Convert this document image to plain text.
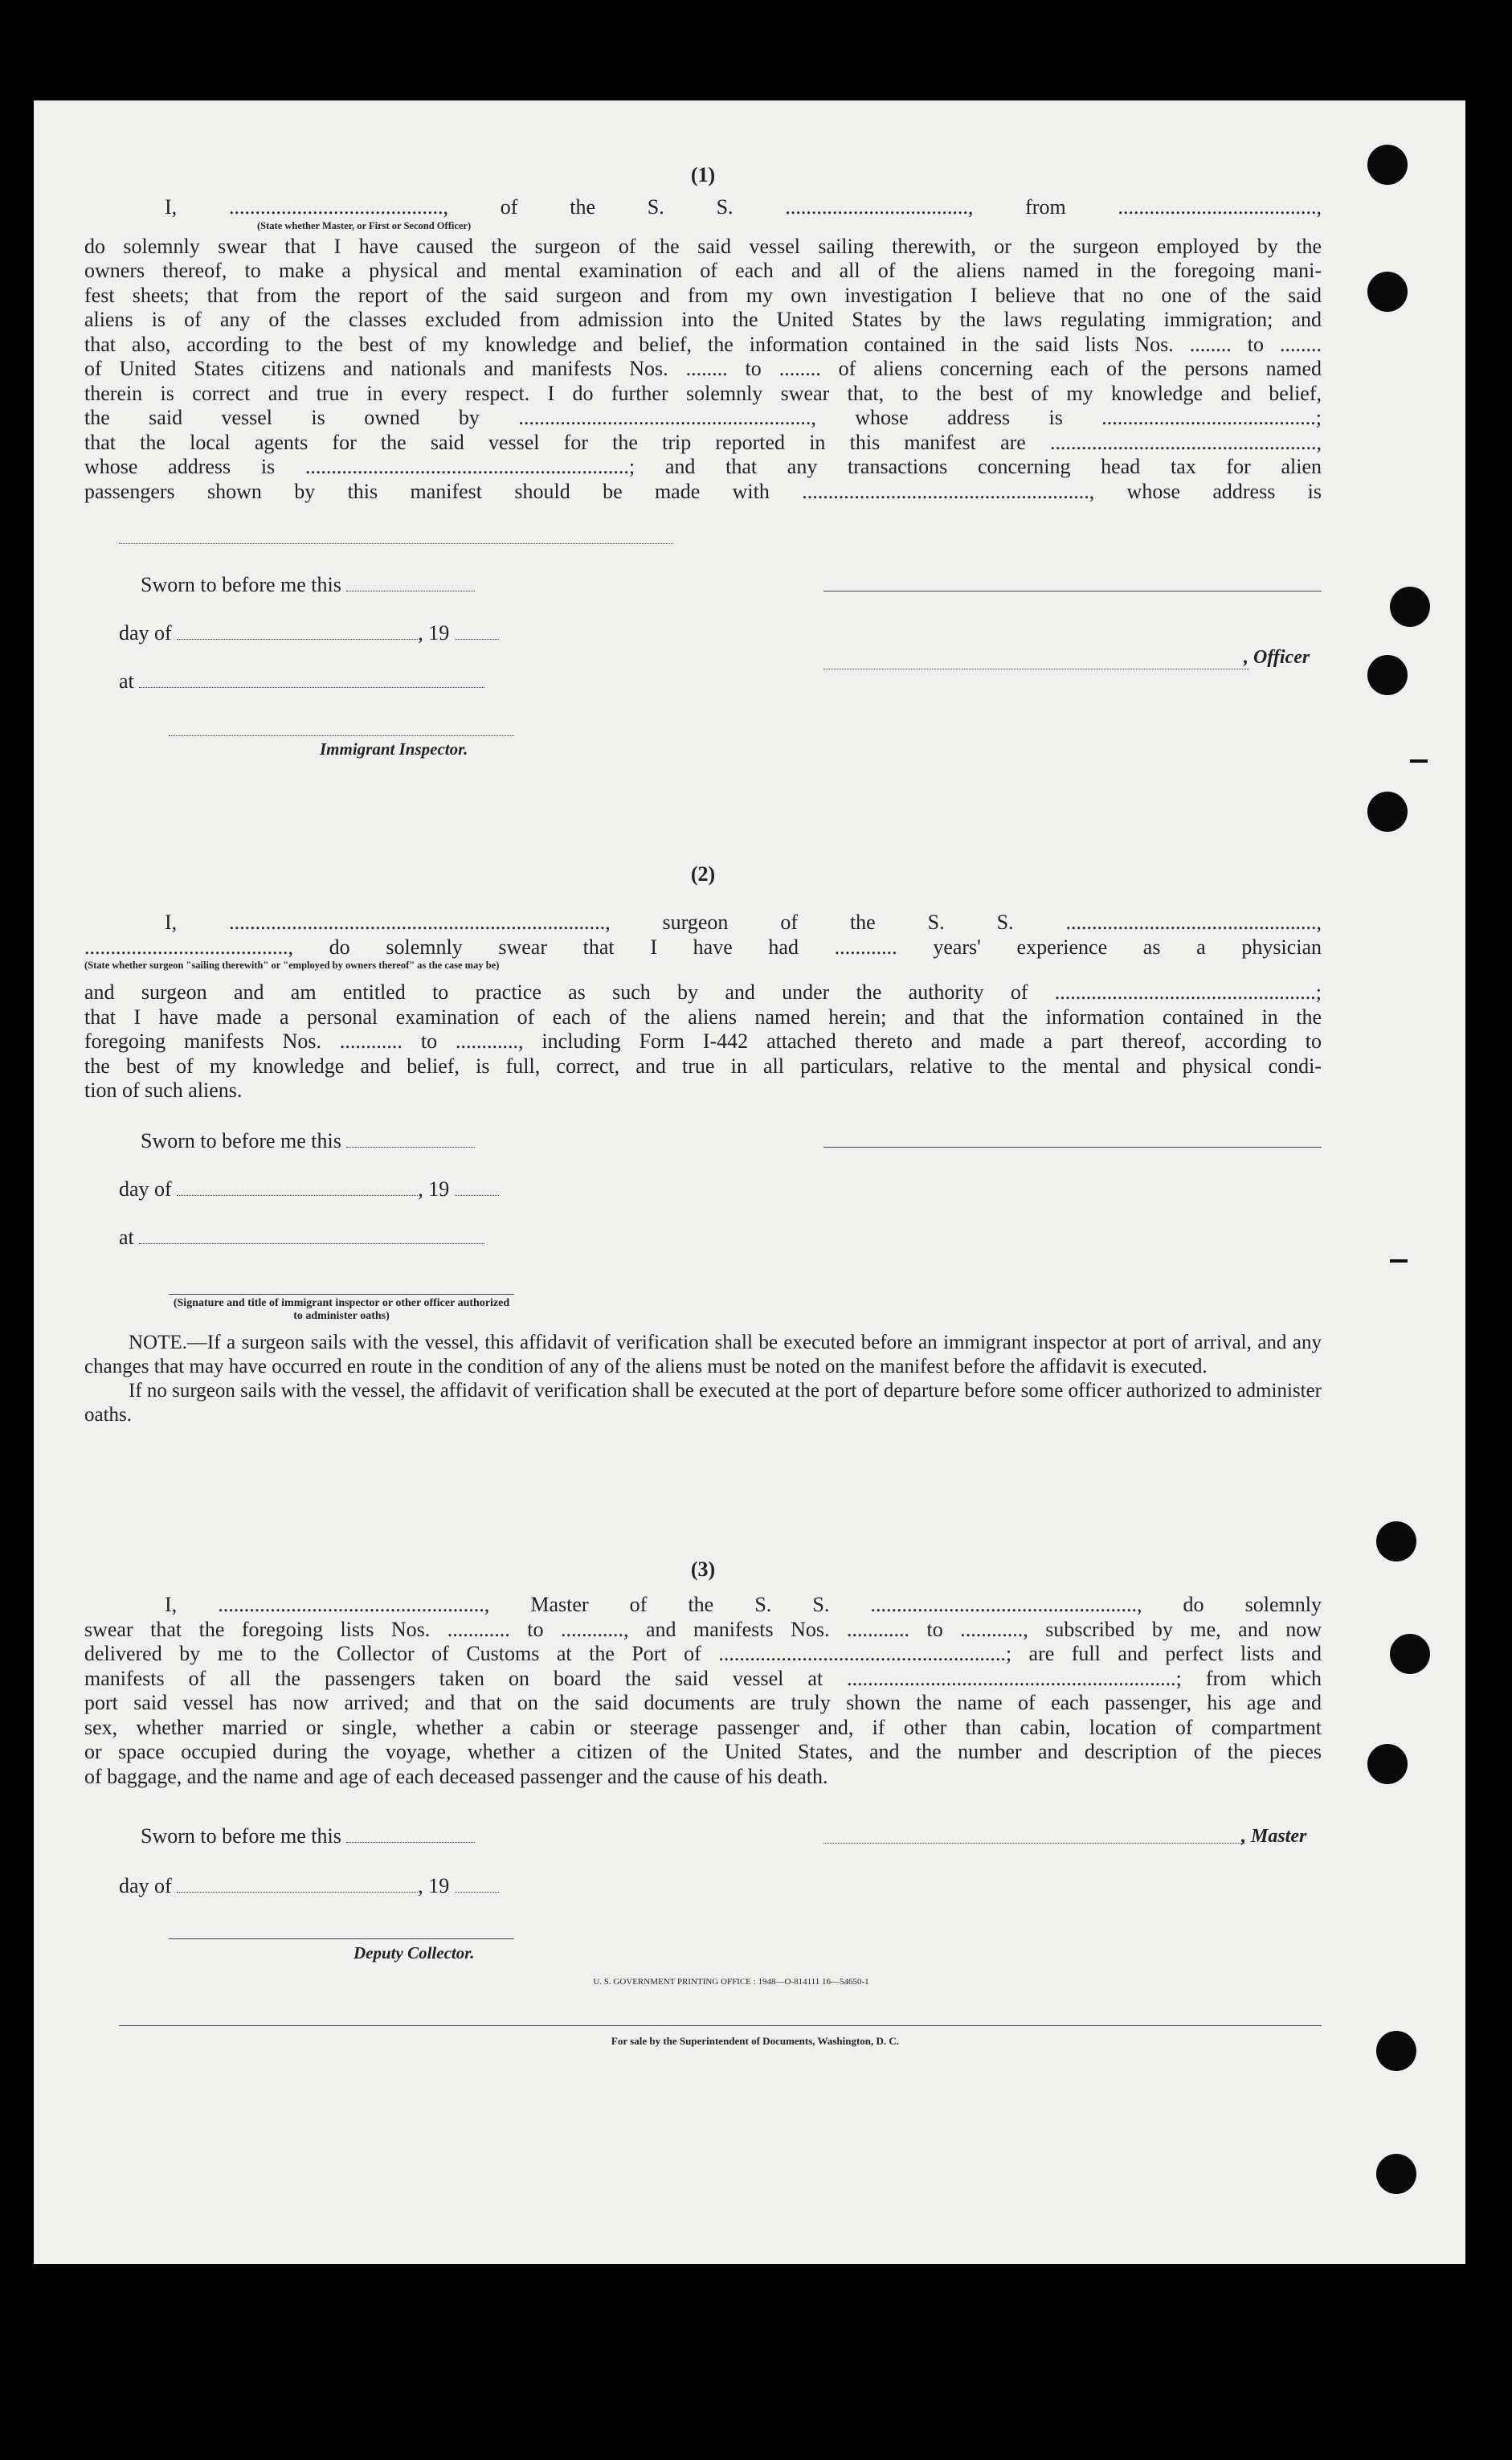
(1)

I, ........................................., of the S. S. ..................................., from ......................................,

(State whether Master, or First or Second Officer)

do solemnly swear that I have caused the surgeon of the said vessel sailing therewith, or the surgeon employed by the

owners thereof, to make a physical and mental examination of each and all of the aliens named in the foregoing mani-

fest sheets; that from the report of the said surgeon and from my own investigation I believe that no one of the said

aliens is of any of the classes excluded from admission into the United States by the laws regulating immigration; and

that also, according to the best of my knowledge and belief, the information contained in the said lists Nos. ........ to ........

of United States citizens and nationals and manifests Nos. ........ to ........ of aliens concerning each of the persons named

therein is correct and true in every respect. I do further solemnly swear that, to the best of my knowledge and belief,

the said vessel is owned by ........................................................, whose address is .........................................;

that the local agents for the said vessel for the trip reported in this manifest are ...................................................,

whose address is ..............................................................; and that any transactions concerning head tax for alien

passengers shown by this manifest should be made with ......................................................., whose address is

Sworn to before me this
day of	, 19
at
Immigrant Inspector.
, Officer
(2)

I, ........................................................................, surgeon of the S. S. ................................................,

......................................., do solemnly swear that I have had ............ years' experience as a physician

(State whether surgeon "sailing therewith" or "employed by owners thereof" as the case may be)

and surgeon and am entitled to practice as such by and under the authority of ..................................................;

that I have made a personal examination of each of the aliens named herein; and that the information contained in the

foregoing manifests Nos. ............ to ............, including Form I-442 attached thereto and made a part thereof, according to

the best of my knowledge and belief, is full, correct, and true in all particulars, relative to the mental and physical condi-

tion of such aliens.

Sworn to before me this
day of	, 19
at
(Signature and title of immigrant inspector or other officer authorized to administer oaths)

NOTE.—If a surgeon sails with the vessel, this affidavit of verification shall be executed before an immigrant inspector at port of arrival, and any changes that may have occurred en route in the condition of any of the aliens must be noted on the manifest before the affidavit is executed.

If no surgeon sails with the vessel, the affidavit of verification shall be executed at the port of departure before some officer authorized to administer oaths.

(3)

I, ..................................................., Master of the S. S. ..................................................., do solemnly

swear that the foregoing lists Nos. ............ to ............, and manifests Nos. ............ to ............, subscribed by me, and now

delivered by me to the Collector of Customs at the Port of .......................................................; are full and perfect lists and

manifests of all the passengers taken on board the said vessel at ...............................................................; from which

port said vessel has now arrived; and that on the said documents are truly shown the name of each passenger, his age and

sex, whether married or single, whether a cabin or steerage passenger and, if other than cabin, location of compartment

or space occupied during the voyage, whether a citizen of the United States, and the number and description of the pieces

of baggage, and the name and age of each deceased passenger and the cause of his death.

Sworn to before me this
day of	, 19
, Master
Deputy Collector.
U. S. GOVERNMENT PRINTING OFFICE : 1948—O-814111 16—54650-1
For sale by the Superintendent of Documents, Washington, D. C.
